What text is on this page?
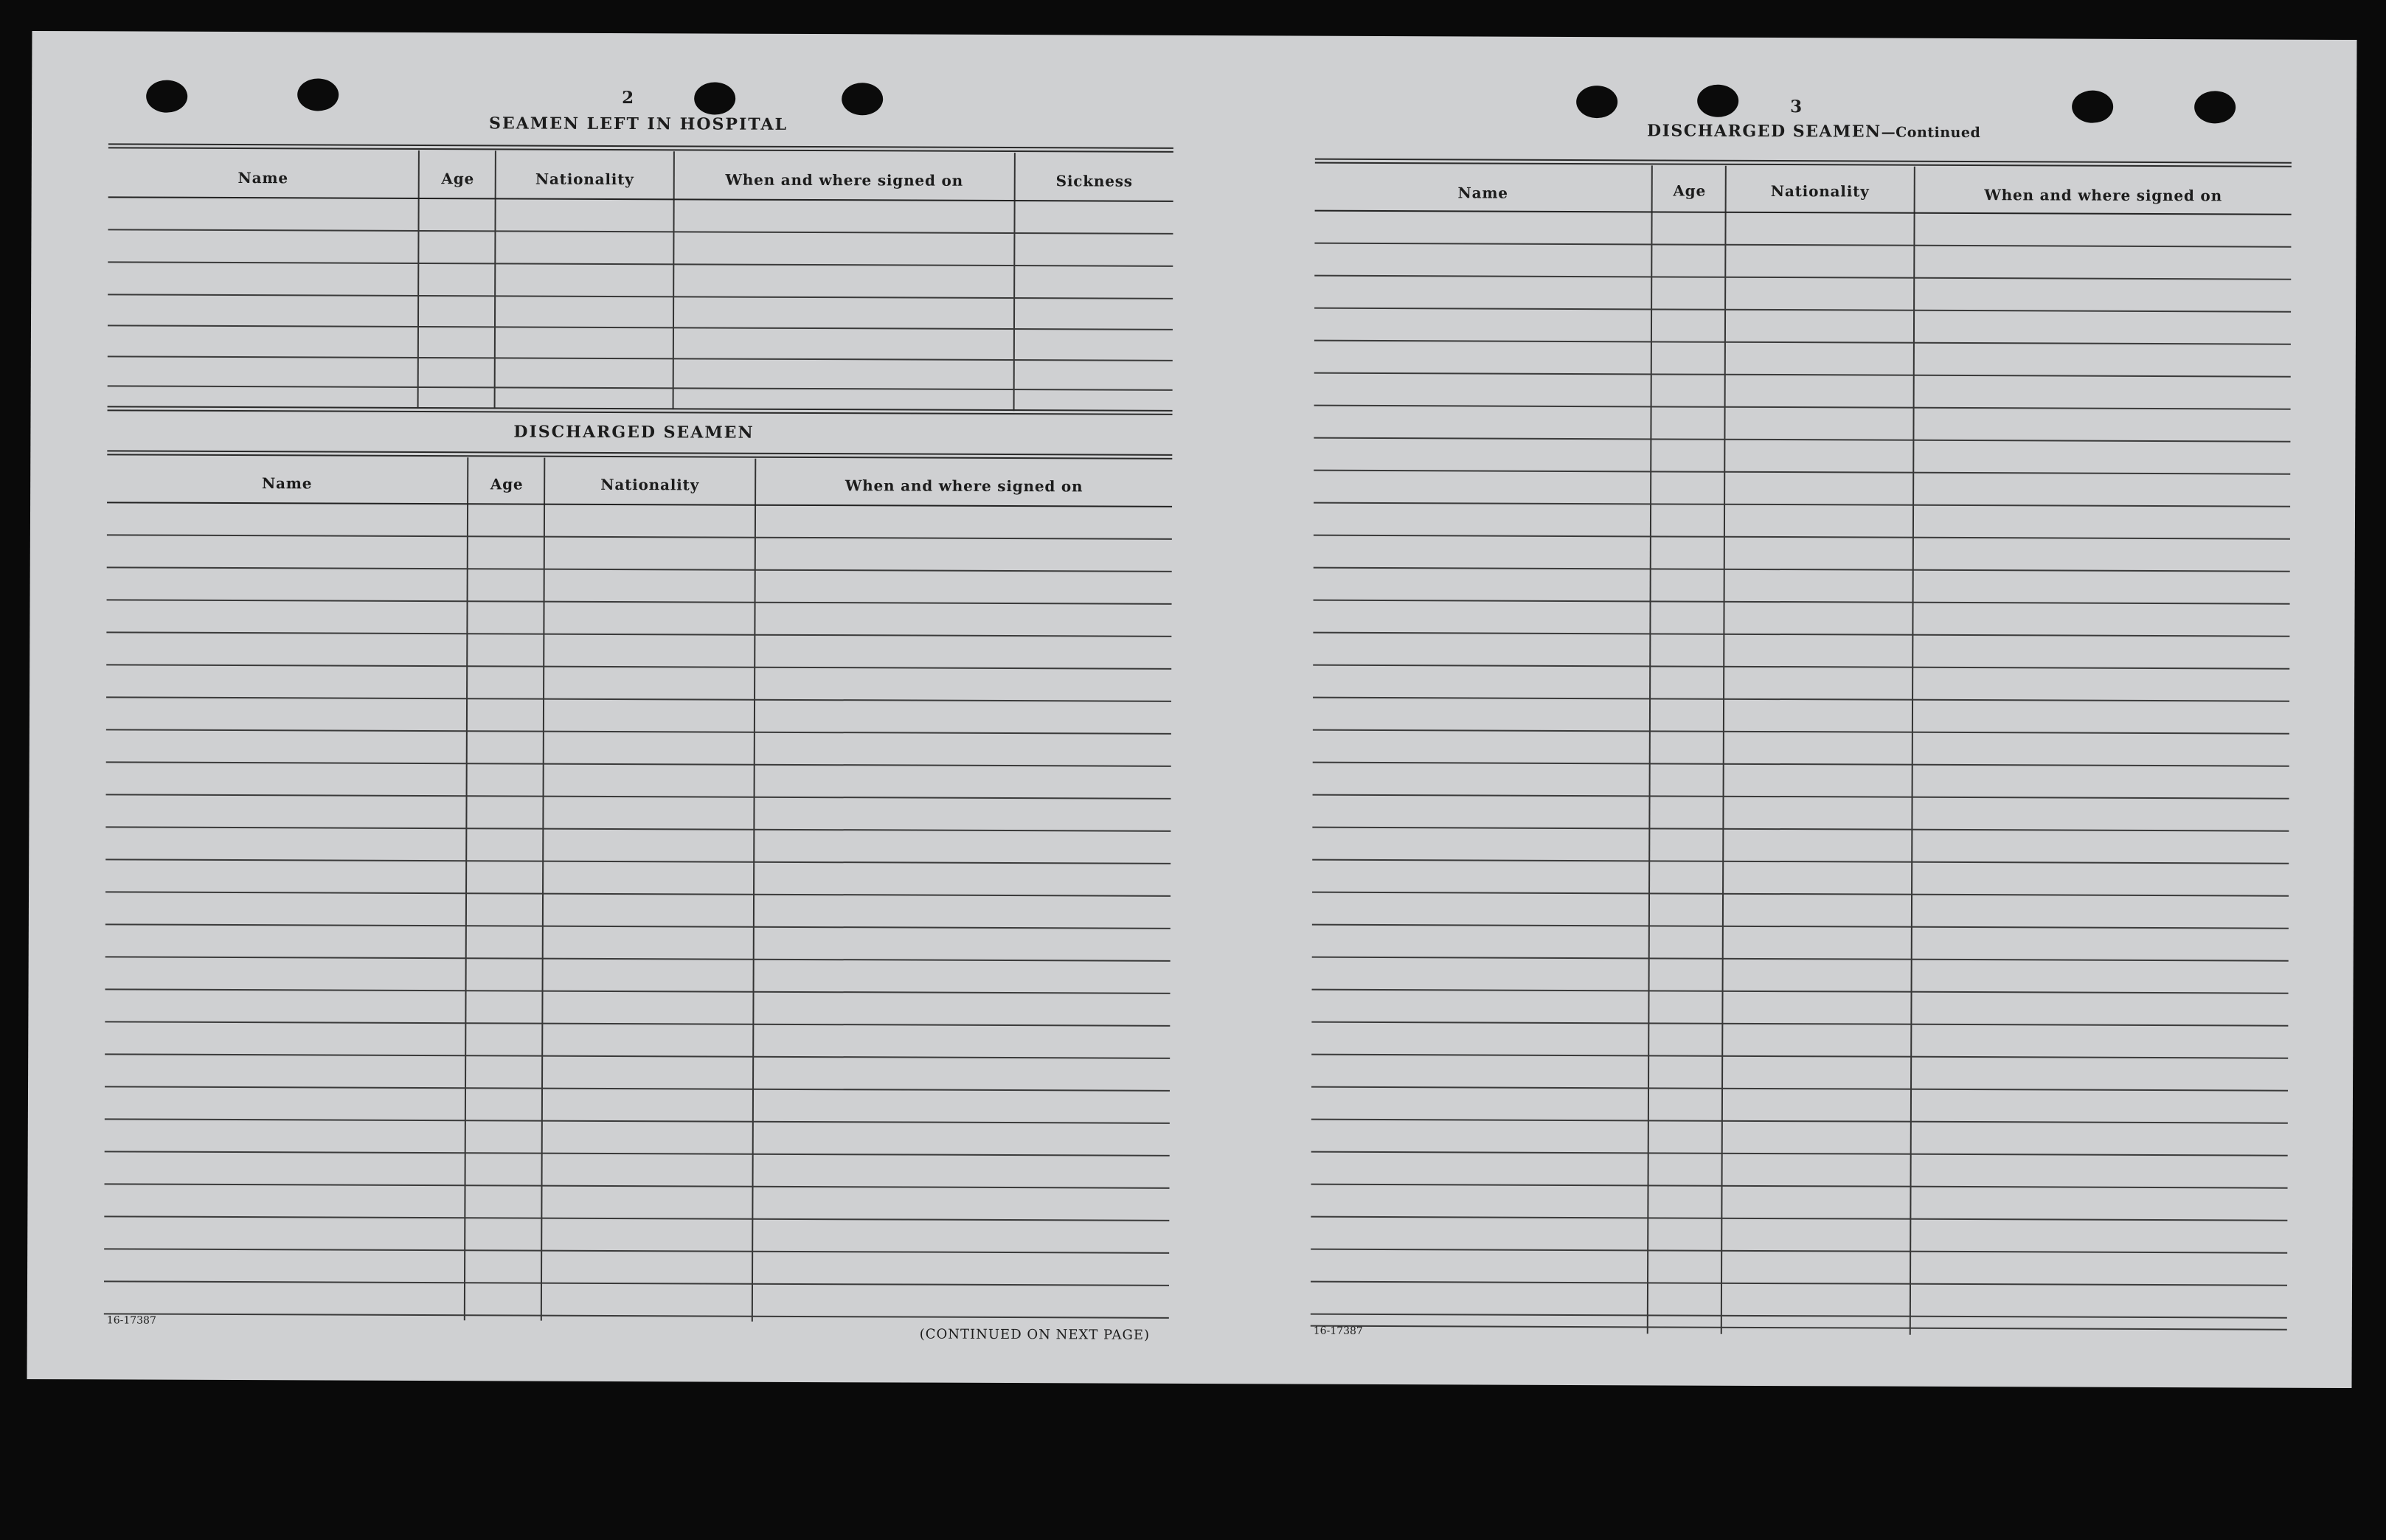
2
SEAMEN LEFT IN HOSPITAL
Name	Age	Nationality	When and where signed on	Sickness
DISCHARGED SEAMEN
Name	Age	Nationality	When and where signed on
16-17387
(CONTINUED ON NEXT PAGE)
3
DISCHARGED SEAMEN—Continued
Name	Age	Nationality	When and where signed on
16-17387
